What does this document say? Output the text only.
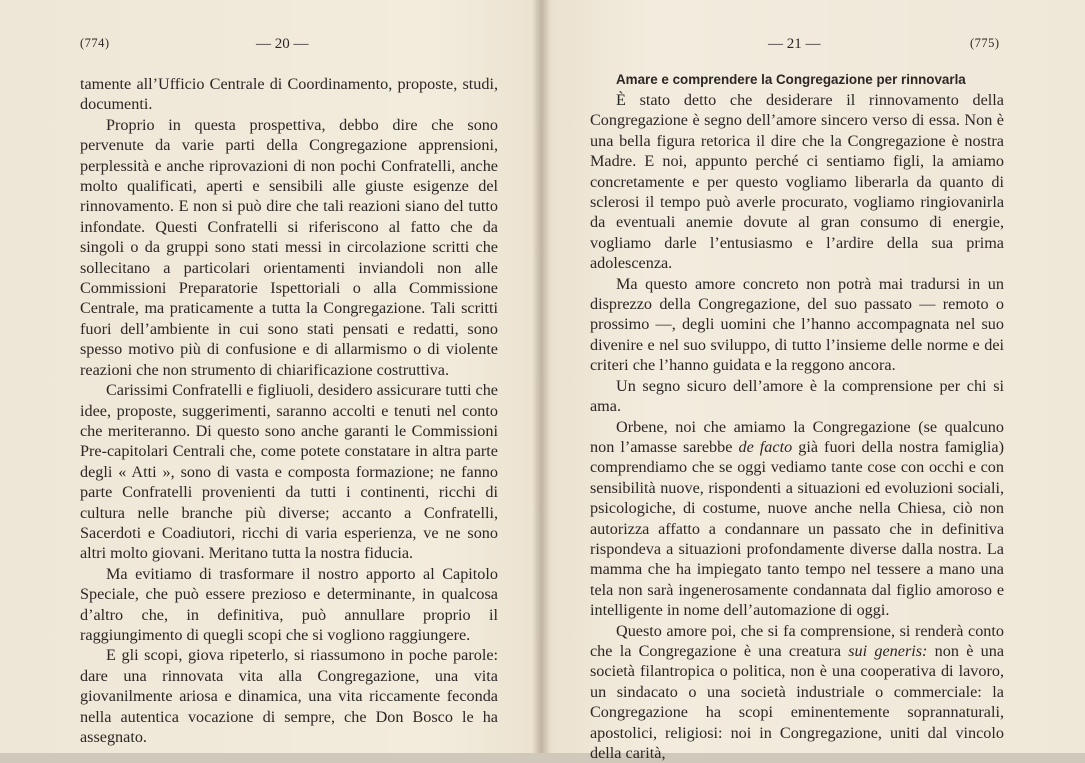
(774)	— 20 —

tamente all’Ufficio Centrale di Coordinamento, proposte, studi, documenti.

Proprio in questa prospettiva, debbo dire che sono pervenute da varie parti della Congregazione apprensioni, perplessità e anche riprovazioni di non pochi Confratelli, anche molto qualificati, aperti e sensibili alle giuste esigenze del rinnovamento. E non si può dire che tali reazioni siano del tutto infondate. Questi Confratelli si riferiscono al fatto che da singoli o da gruppi sono stati messi in circolazione scritti che sollecitano a particolari orientamenti inviandoli non alle Commissioni Preparatorie Ispettoriali o alla Commissione Centrale, ma praticamente a tutta la Congregazione. Tali scritti fuori dell’ambiente in cui sono stati pensati e redatti, sono spesso motivo più di confusione e di allarmismo o di violente reazioni che non strumento di chiarificazione costruttiva.

Carissimi Confratelli e figliuoli, desidero assicurare tutti che idee, proposte, suggerimenti, saranno accolti e tenuti nel conto che meriteranno. Di questo sono anche garanti le Commissioni Pre-capitolari Centrali che, come potete constatare in altra parte degli « Atti », sono di vasta e composta formazione; ne fanno parte Confratelli provenienti da tutti i continenti, ricchi di cultura nelle branche più diverse; accanto a Confratelli, Sacerdoti e Coadiutori, ricchi di varia esperienza, ve ne sono altri molto giovani. Meritano tutta la nostra fiducia.

Ma evitiamo di trasformare il nostro apporto al Capitolo Speciale, che può essere prezioso e determinante, in qualcosa d’altro che, in definitiva, può annullare proprio il raggiungimento di quegli scopi che si vogliono raggiungere.

E gli scopi, giova ripeterlo, si riassumono in poche parole: dare una rinnovata vita alla Congregazione, una vita giovanilmente ariosa e dinamica, una vita riccamente feconda nella autentica vocazione di sempre, che Don Bosco le ha assegnato.

— 21 —	(775)

Amare e comprendere la Congregazione per rinnovarla

È stato detto che desiderare il rinnovamento della Congregazione è segno dell’amore sincero verso di essa. Non è una bella figura retorica il dire che la Congregazione è nostra Madre. E noi, appunto perché ci sentiamo figli, la amiamo concretamente e per questo vogliamo liberarla da quanto di sclerosi il tempo può averle procurato, vogliamo ringiovanirla da eventuali anemie dovute al gran consumo di energie, vogliamo darle l’entusiasmo e l’ardire della sua prima adolescenza.

Ma questo amore concreto non potrà mai tradursi in un disprezzo della Congregazione, del suo passato — remoto o prossimo —, degli uomini che l’hanno accompagnata nel suo divenire e nel suo sviluppo, di tutto l’insieme delle norme e dei criteri che l’hanno guidata e la reggono ancora.

Un segno sicuro dell’amore è la comprensione per chi si ama.

Orbene, noi che amiamo la Congregazione (se qualcuno non l’amasse sarebbe de facto già fuori della nostra famiglia) comprendiamo che se oggi vediamo tante cose con occhi e con sensibilità nuove, rispondenti a situazioni ed evoluzioni sociali, psicologiche, di costume, nuove anche nella Chiesa, ciò non autorizza affatto a condannare un passato che in definitiva rispondeva a situazioni profondamente diverse dalla nostra. La mamma che ha impiegato tanto tempo nel tessere a mano una tela non sarà ingenerosamente condannata dal figlio amoroso e intelligente in nome dell’automazione di oggi.

Questo amore poi, che si fa comprensione, si renderà conto che la Congregazione è una creatura sui generis: non è una società filantropica o politica, non è una cooperativa di lavoro, un sindacato o una società industriale o commerciale: la Congregazione ha scopi eminentemente soprannaturali, apostolici, religiosi: noi in Congregazione, uniti dal vincolo della carità,
